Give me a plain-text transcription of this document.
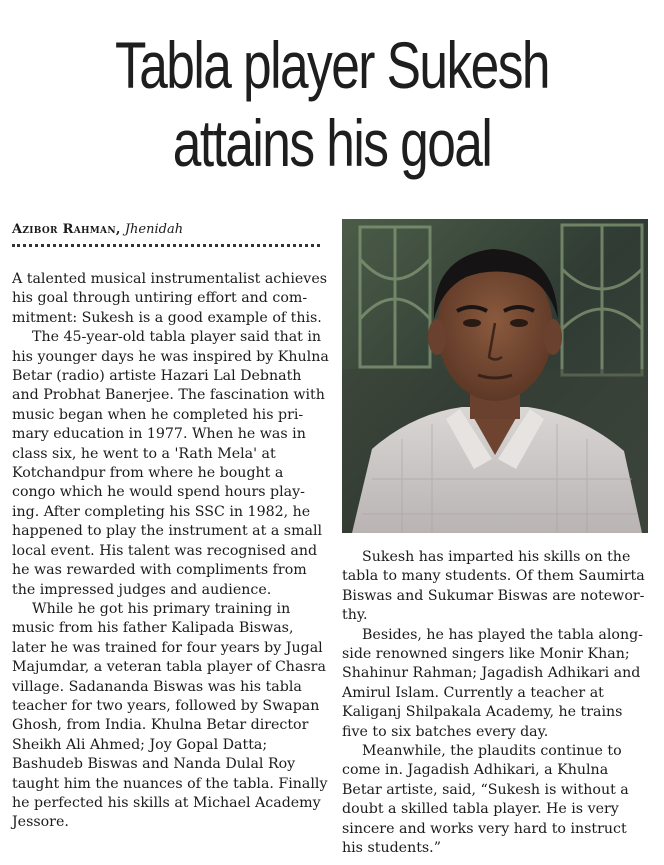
Tabla player Sukesh
attains his goal
Azibor Rahman, Jhenidah

A talented musical instrumentalist achieves his goal through untiring effort and com-mitment: Sukesh is a good example of this.

The 45-year-old tabla player said that in his younger days he was inspired by Khulna Betar (radio) artiste Hazari Lal Debnath and Probhat Banerjee. The fascination with music began when he completed his pri-mary education in 1977. When he was in class six, he went to a 'Rath Mela' at Kotchandpur from where he bought a congo which he would spend hours play-ing. After completing his SSC in 1982, he happened to play the instrument at a small local event. His talent was recognised and he was rewarded with compliments from the impressed judges and audience.

While he got his primary training in music from his father Kalipada Biswas, later he was trained for four years by Jugal Majumdar, a veteran tabla player of Chasra village. Sadananda Biswas was his tabla teacher for two years, followed by Swapan Ghosh, from India. Khulna Betar director Sheikh Ali Ahmed; Joy Gopal Datta; Bashudeb Biswas and Nanda Dulal Roy taught him the nuances of the tabla. Finally he perfected his skills at Michael Academy Jessore.

Sukesh has imparted his skills on the tabla to many students. Of them Saumirta Biswas and Sukumar Biswas are notewor-thy.

Besides, he has played the tabla along-side renowned singers like Monir Khan; Shahinur Rahman; Jagadish Adhikari and Amirul Islam. Currently a teacher at Kaliganj Shilpakala Academy, he trains five to six batches every day.

Meanwhile, the plaudits continue to come in. Jagadish Adhikari, a Khulna Betar artiste, said, “Sukesh is without a doubt a skilled tabla player. He is very sincere and works very hard to instruct his students.”
